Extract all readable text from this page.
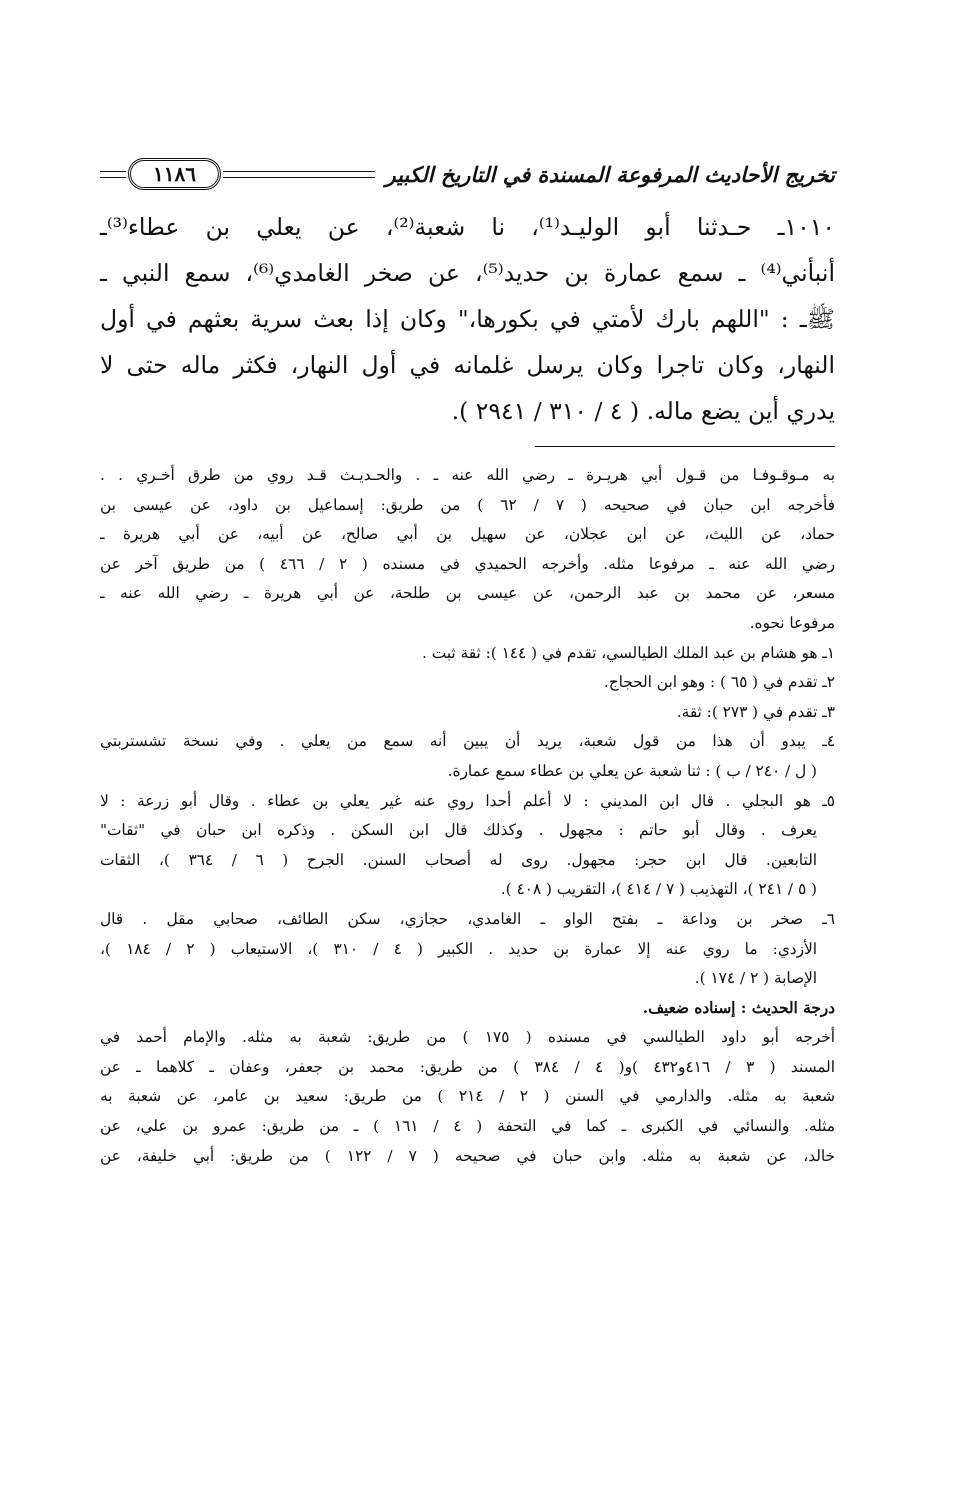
تخريج الأحاديث المرفوعة المسندة في التاريخ الكبير
١١٨٦
١٠١٠ـ حـدثنا أبو الوليـد⁽¹⁾، نا شعبة⁽²⁾، عن يعلي بن عطاء⁽³⁾ـ
أنبأني⁽⁴⁾ ـ سمع عمارة بن حديد⁽⁵⁾، عن صخر الغامدي⁽⁶⁾، سمع النبي ـ
ﷺـ : "اللهم بارك لأمتي في بكورها،" وكان إذا بعث سرية بعثهم في أول
النهار، وكان تاجرا وكان يرسل غلمانه في أول النهار، فكثر ماله حتى لا
يدري أين يضع ماله. ( ٤ / ٣١٠ / ٢٩٤١ ).
به مـوقـوفـا من قـول أبي هريـرة ـ رضي الله عنه ـ . والحـديـث قـد روي من طرق أخـري . .
فأخرجه ابن حبان في صحيحه ( ٧ / ٦٢ ) من طريق: إسماعيل بن داود، عن عيسى بن
حماد، عن الليث، عن ابن عجلان، عن سهيل بن أبي صالح، عن أبيه، عن أبي هريرة ـ
رضي الله عنه ـ مرفوعا مثله. وأخرجه الحميدي في مسنده ( ٢ / ٤٦٦ ) من طريق آخر عن
مسعر، عن محمد بن عبد الرحمن، عن عيسى بن طلحة، عن أبي هريرة ـ رضي الله عنه ـ
مرفوعا نحوه.
١ـ هو هشام بن عبد الملك الطيالسي، تقدم في ( ١٤٤ ): ثقة ثبت .
٢ـ تقدم في ( ٦٥ ) : وهو ابن الحجاج.
٣ـ تقدم في ( ٢٧٣ ): ثقة.
٤ـ يبدو أن هذا من قول شعبة، يريد أن يبين أنه سمع من يعلي . وفي نسخة تشستربتي
( ل / ٢٤٠ / ب ) : ثنا شعبة عن يعلي بن عطاء سمع عمارة.
٥ـ هو البجلي . قال ابن المديني : لا أعلم أحدا روي عنه غير يعلي بن عطاء . وقال أبو زرعة : لا
يعرف . وقال أبو حاتم : مجهول . وكذلك قال ابن السكن . وذكره ابن حبان في "ثقات"
التابعين. قال ابن حجر: مجهول. روى له أصحاب السنن. الجرح ( ٦ / ٣٦٤ )، الثقات
( ٥ / ٢٤١ )، التهذيب ( ٧ / ٤١٤ )، التقريب ( ٤٠٨ ).
٦ـ صخر بن وداعة ـ بفتح الواو ـ الغامدي، حجازي، سكن الطائف، صحابي مقل . قال
الأزدي: ما روي عنه إلا عمارة بن حديد . الكبير ( ٤ / ٣١٠ )، الاستيعاب ( ٢ / ١٨٤ )،
الإصابة ( ٢ / ١٧٤ ).
درجة الحديث : إسناده ضعيف.
أخرجه أبو داود الطيالسي في مسنده ( ١٧٥ ) من طريق: شعبة به مثله. والإمام أحمد في
المسند ( ٣ / ٤١٦و٤٣٢ )و( ٤ / ٣٨٤ ) من طريق: محمد بن جعفر، وعفان ـ كلاهما ـ عن
شعبة به مثله. والدارمي في السنن ( ٢ / ٢١٤ ) من طريق: سعيد بن عامر، عن شعبة به
مثله. والنسائي في الكبرى ـ كما في التحفة ( ٤ / ١٦١ ) ـ من طريق: عمرو بن علي، عن
خالد، عن شعبة به مثله. وابن حبان في صحيحه ( ٧ / ١٢٢ ) من طريق: أبي خليفة، عن
